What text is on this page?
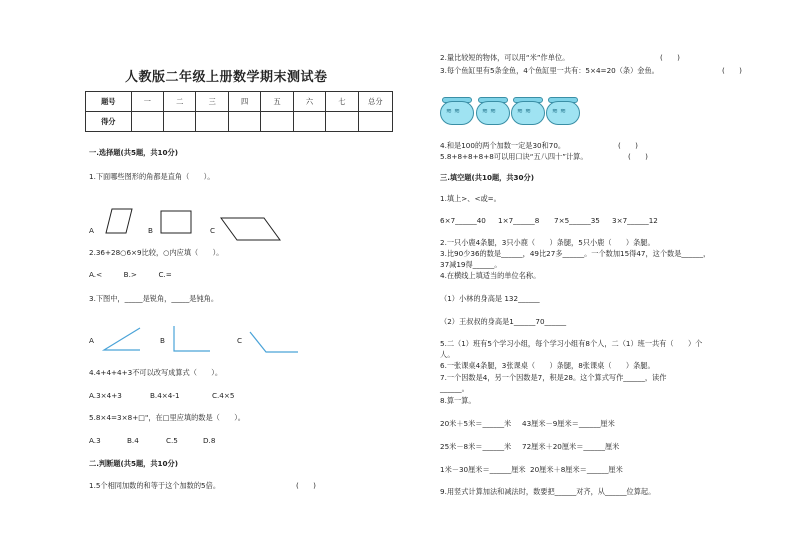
人教版二年级上册数学期末测试卷
题号	一	二	三	四	五	六	七	总分
得分								
一.选择题(共5题，共10分)
1.下面哪些图形的角都是直角（　　）。
A	B	C
2.36+28○6×9比较，○内应填（　　）。
A.<　　　B.>　　　C.=
3.下图中，_____是锐角，_____是钝角。
A	B	C
4.4+4+4+3不可以改写成算式（　　）。
A.3×4+3	B.4×4-1	C.4×5
5.8×4=3×8+□"，在□里应填的数是（　　）。
A.3	B.4	C.5	D.8
二.判断题(共5题，共10分)
1.5个相同加数的和等于这个加数的5倍。	(　　)
2.量比较短的物体，可以用“米”作单位。	(　　)
3.每个鱼缸里有5条金鱼，4个鱼缸里一共有：5×4=20（条）金鱼。	(　　)
≋ ≋	≋ ≋	≋ ≋	≋ ≋
4.和是100的两个加数一定是30和70。	(　　)
5.8+8+8+8+8可以用口诀“五八四十”计算。	(　　)
三.填空题(共10题，共30分)
1.填上>、<或=。
6×7______40 1×7______8 7×5______35 3×7______12
2.一只小鹿4条腿，3只小鹿（　　）条腿，5只小鹿（　　）条腿。
3.比90少36的数是______，49比27多______。一个数加15得47，这个数是______，
37减19得______。
4.在横线上填适当的单位名称。
（1）小林的身高是 132______
（2）王叔叔的身高是1______70______
5.二（1）班有5个学习小组，每个学习小组有8个人，二（1）班一共有（　　）个
人。
6.一张课桌4条腿，3张课桌（　　）条腿，8张课桌（　　）条腿。
7.一个因数是4，另一个因数是7，积是28。这个算式写作______，读作
______。
8.算一算。
20米＋5米＝______米 43厘米－9厘米＝______厘米
25米－8米＝______米 72厘米＋20厘米＝______厘米
1米－30厘米＝______厘米 20厘米＋8厘米＝______厘米
9.用竖式计算加法和减法时，数要把______对齐，从______位算起。
